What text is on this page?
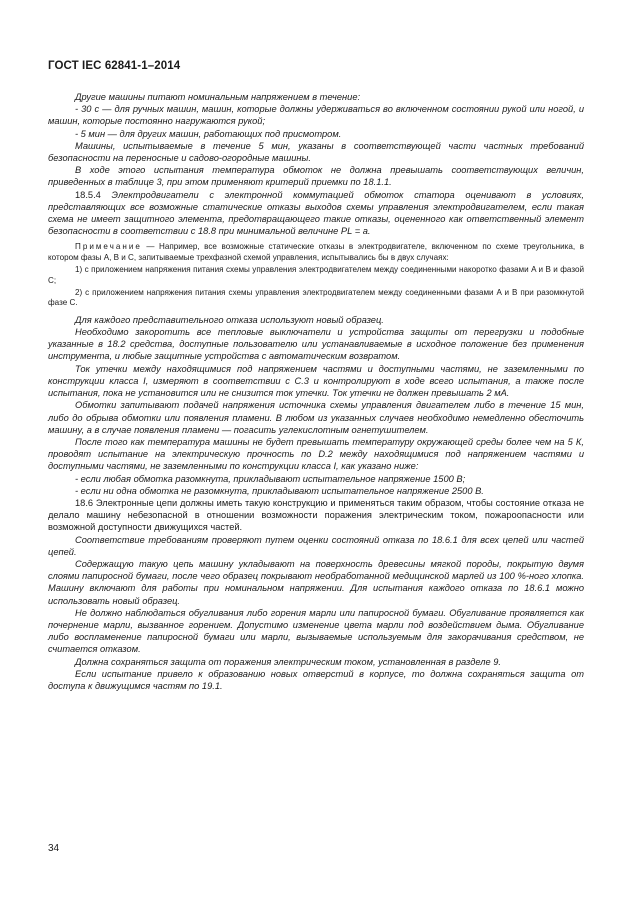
ГОСТ IEC 62841-1–2014

Другие машины питают номинальным напряжением в течение:

- 30 с — для ручных машин, машин, которые должны удерживаться во включенном состоянии рукой или ногой, и машин, которые постоянно нагружаются рукой;

- 5 мин — для других машин, работающих под присмотром.

Машины, испытываемые в течение 5 мин, указаны в соответствующей части частных требований безопасности на переносные и садово-огородные машины.

В ходе этого испытания температура обмоток не должна превышать соответствующих величин, приведенных в таблице 3, при этом применяют критерий приемки по 18.1.1.

18.5.4 Электродвигатели с электронной коммутацией обмоток статора оценивают в условиях, представляющих все возможные статические отказы выходов схемы управления электродвигателем, если такая схема не имеет защитного элемента, предотвращающего такие отказы, оцененного как ответственный элемент безопасности в соответствии с 18.8 при минимальной величине PL = a.

Примечание — Например, все возможные статические отказы в электродвигателе, включенном по схеме треугольника, в котором фазы A, B и C, запитываемые трехфазной схемой управления, испытывались бы в двух случаях:

1) с приложением напряжения питания схемы управления электродвигателем между соединенными накоротко фазами A и B и фазой C;

2) с приложением напряжения питания схемы управления электродвигателем между соединенными фазами A и B при разомкнутой фазе C.

Для каждого представительного отказа используют новый образец.

Необходимо закоротить все тепловые выключатели и устройства защиты от перегрузки и подобные указанные в 18.2 средства, доступные пользователю или устанавливаемые в исходное положение без применения инструмента, и любые защитные устройства с автоматическим возвратом.

Ток утечки между находящимися под напряжением частями и доступными частями, не заземленными по конструкции класса I, измеряют в соответствии с C.3 и контролируют в ходе всего испытания, а также после испытания, пока не установится или не снизится ток утечки. Ток утечки не должен превышать 2 мA.

Обмотки запитывают подачей напряжения источника схемы управления двигателем либо в течение 15 мин, либо до обрыва обмотки или появления пламени. В любом из указанных случаев необходимо немедленно обесточить машину, а в случае появления пламени — погасить углекислотным огнетушителем.

После того как температура машины не будет превышать температуру окружающей среды более чем на 5 К, проводят испытание на электрическую прочность по D.2 между находящимися под напряжением частями и доступными частями, не заземленными по конструкции класса I, как указано ниже:

- если любая обмотка разомкнута, прикладывают испытательное напряжение 1500 В;

- если ни одна обмотка не разомкнута, прикладывают испытательное напряжение 2500 В.

18.6 Электронные цепи должны иметь такую конструкцию и применяться таким образом, чтобы состояние отказа не делало машину небезопасной в отношении возможности поражения электрическим током, пожароопасности или возможной доступности движущихся частей.

Соответствие требованиям проверяют путем оценки состояний отказа по 18.6.1 для всех цепей или частей цепей.

Содержащую такую цепь машину укладывают на поверхность древесины мягкой породы, покрытую двумя слоями папиросной бумаги, после чего образец покрывают необработанной медицинской марлей из 100 %-ного хлопка. Машину включают для работы при номинальном напряжении. Для испытания каждого отказа по 18.6.1 можно использовать новый образец.

Не должно наблюдаться обугливания либо горения марли или папиросной бумаги. Обугливание проявляется как почернение марли, вызванное горением. Допустимо изменение цвета марли под воздействием дыма. Обугливание либо воспламенение папиросной бумаги или марли, вызываемые используемым для закорачивания средством, не считается отказом.

Должна сохраняться защита от поражения электрическим током, установленная в разделе 9.

Если испытание привело к образованию новых отверстий в корпусе, то должна сохраняться защита от доступа к движущимся частям по 19.1.

34
